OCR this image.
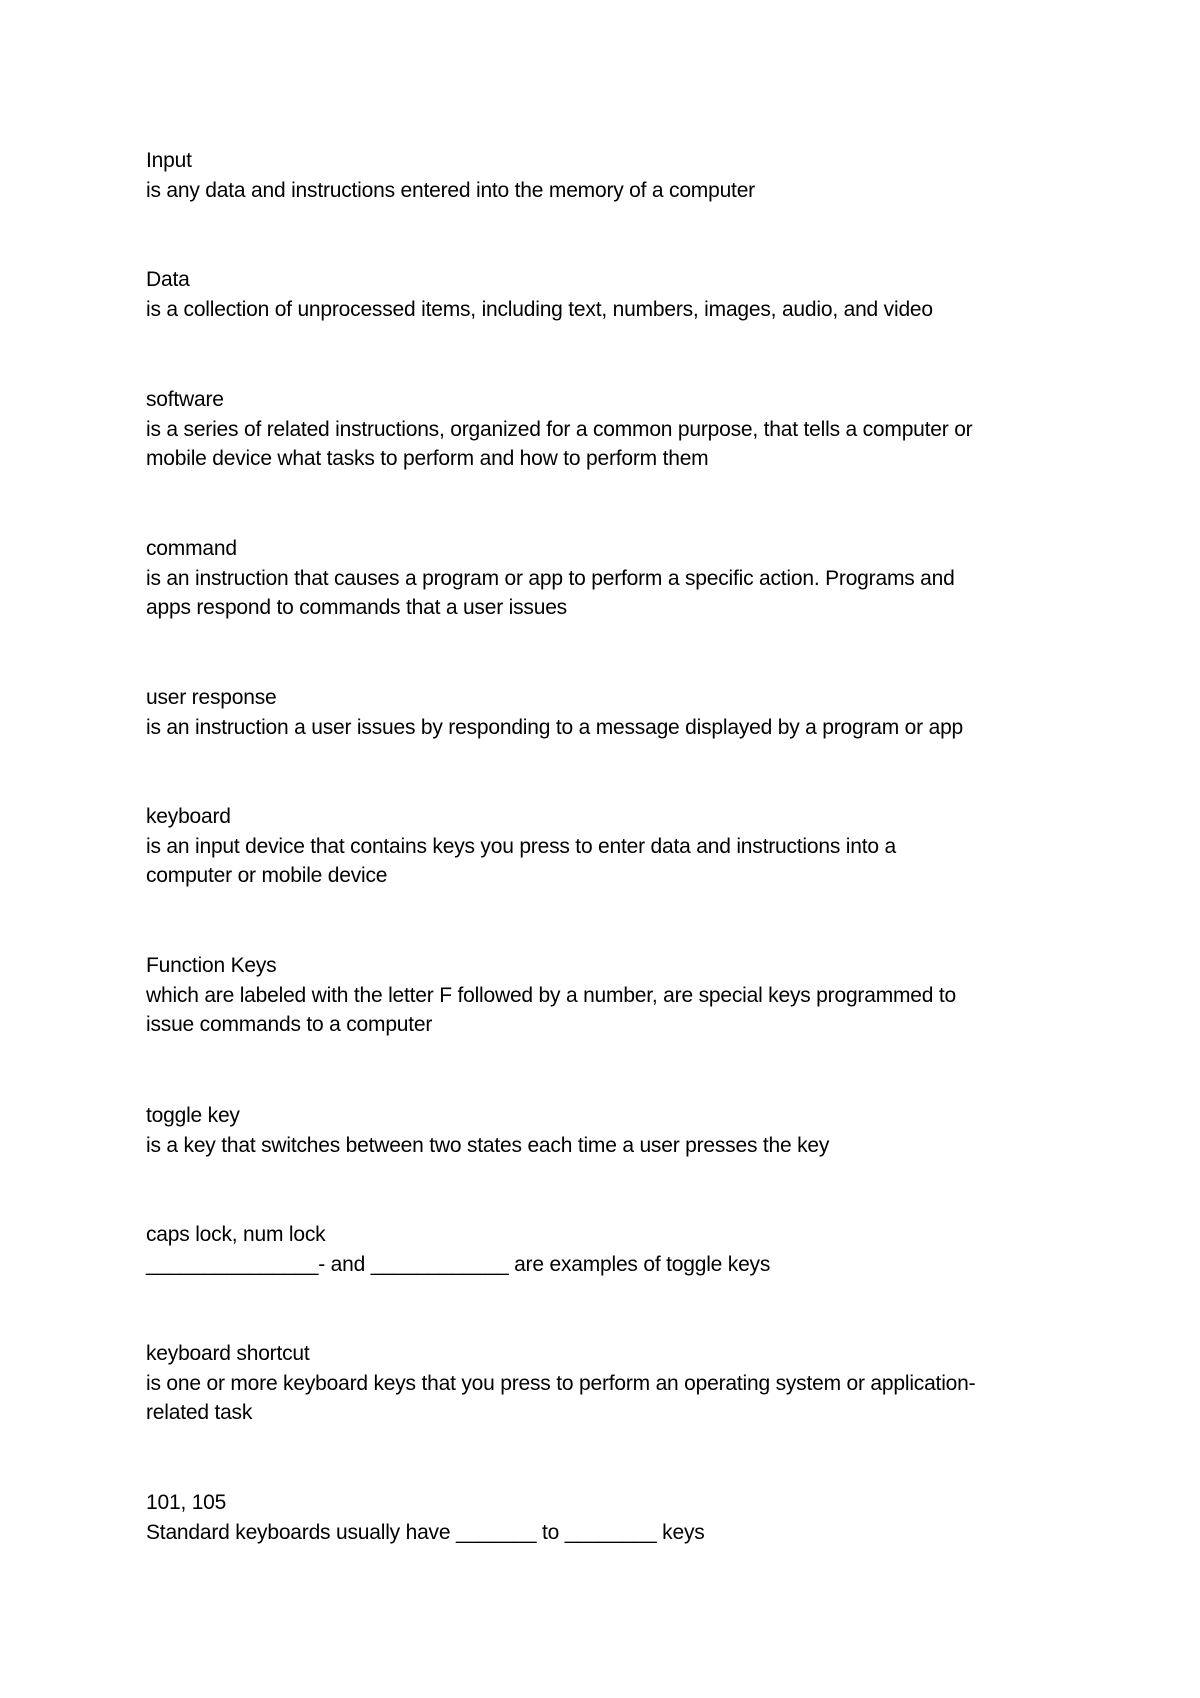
Input
is any data and instructions entered into the memory of a computer
Data
is a collection of unprocessed items, including text, numbers, images, audio, and video
software
is a series of related instructions, organized for a common purpose, that tells a computer or
mobile device what tasks to perform and how to perform them
command
is an instruction that causes a program or app to perform a specific action. Programs and
apps respond to commands that a user issues
user response
is an instruction a user issues by responding to a message displayed by a program or app
keyboard
is an input device that contains keys you press to enter data and instructions into a
computer or mobile device
Function Keys
which are labeled with the letter F followed by a number, are special keys programmed to
issue commands to a computer
toggle key
is a key that switches between two states each time a user presses the key
caps lock, num lock
_______________- and ____________ are examples of toggle keys
keyboard shortcut
is one or more keyboard keys that you press to perform an operating system or application-
related task
101, 105
Standard keyboards usually have _______ to ________ keys
